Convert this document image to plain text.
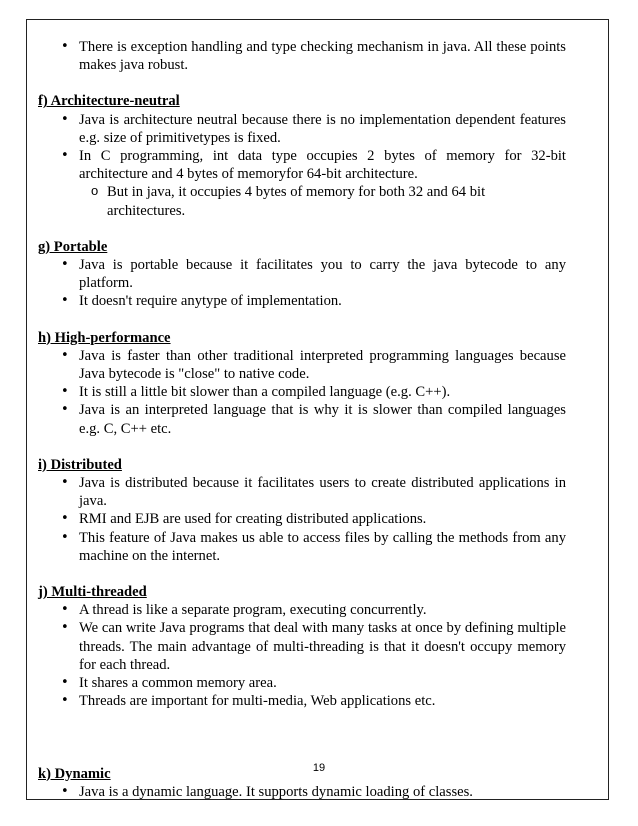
• There is exception handling and type checking mechanism in java. All these points makes java robust.

f) Architecture-neutral

• Java is architecture neutral because there is no implementation dependent features e.g. size of primitivetypes is fixed.
• In C programming, int data type occupies 2 bytes of memory for 32-bit architecture and 4 bytes of memoryfor 64-bit architecture.
o But in java, it occupies 4 bytes of memory for both 32 and 64 bit architectures.

g) Portable

• Java is portable because it facilitates you to carry the java bytecode to any platform.
• It doesn't require anytype of implementation.

h) High-performance

• Java is faster than other traditional interpreted programming languages because Java bytecode is "close" to native code.
• It is still a little bit slower than a compiled language (e.g. C++).
• Java is an interpreted language that is why it is slower than compiled languages e.g. C, C++ etc.

i) Distributed

• Java is distributed because it facilitates users to create distributed applications in java.
• RMI and EJB are used for creating distributed applications.
• This feature of Java makes us able to access files by calling the methods from any machine on the internet.

j) Multi-threaded

• A thread is like a separate program, executing concurrently.
• We can write Java programs that deal with many tasks at once by defining multiple threads. The main advantage of multi-threading is that it doesn't occupy memory for each thread.
• It shares a common memory area.
• Threads are important for multi-media, Web applications etc.

k) Dynamic

• Java is a dynamic language. It supports dynamic loading of classes.
19
